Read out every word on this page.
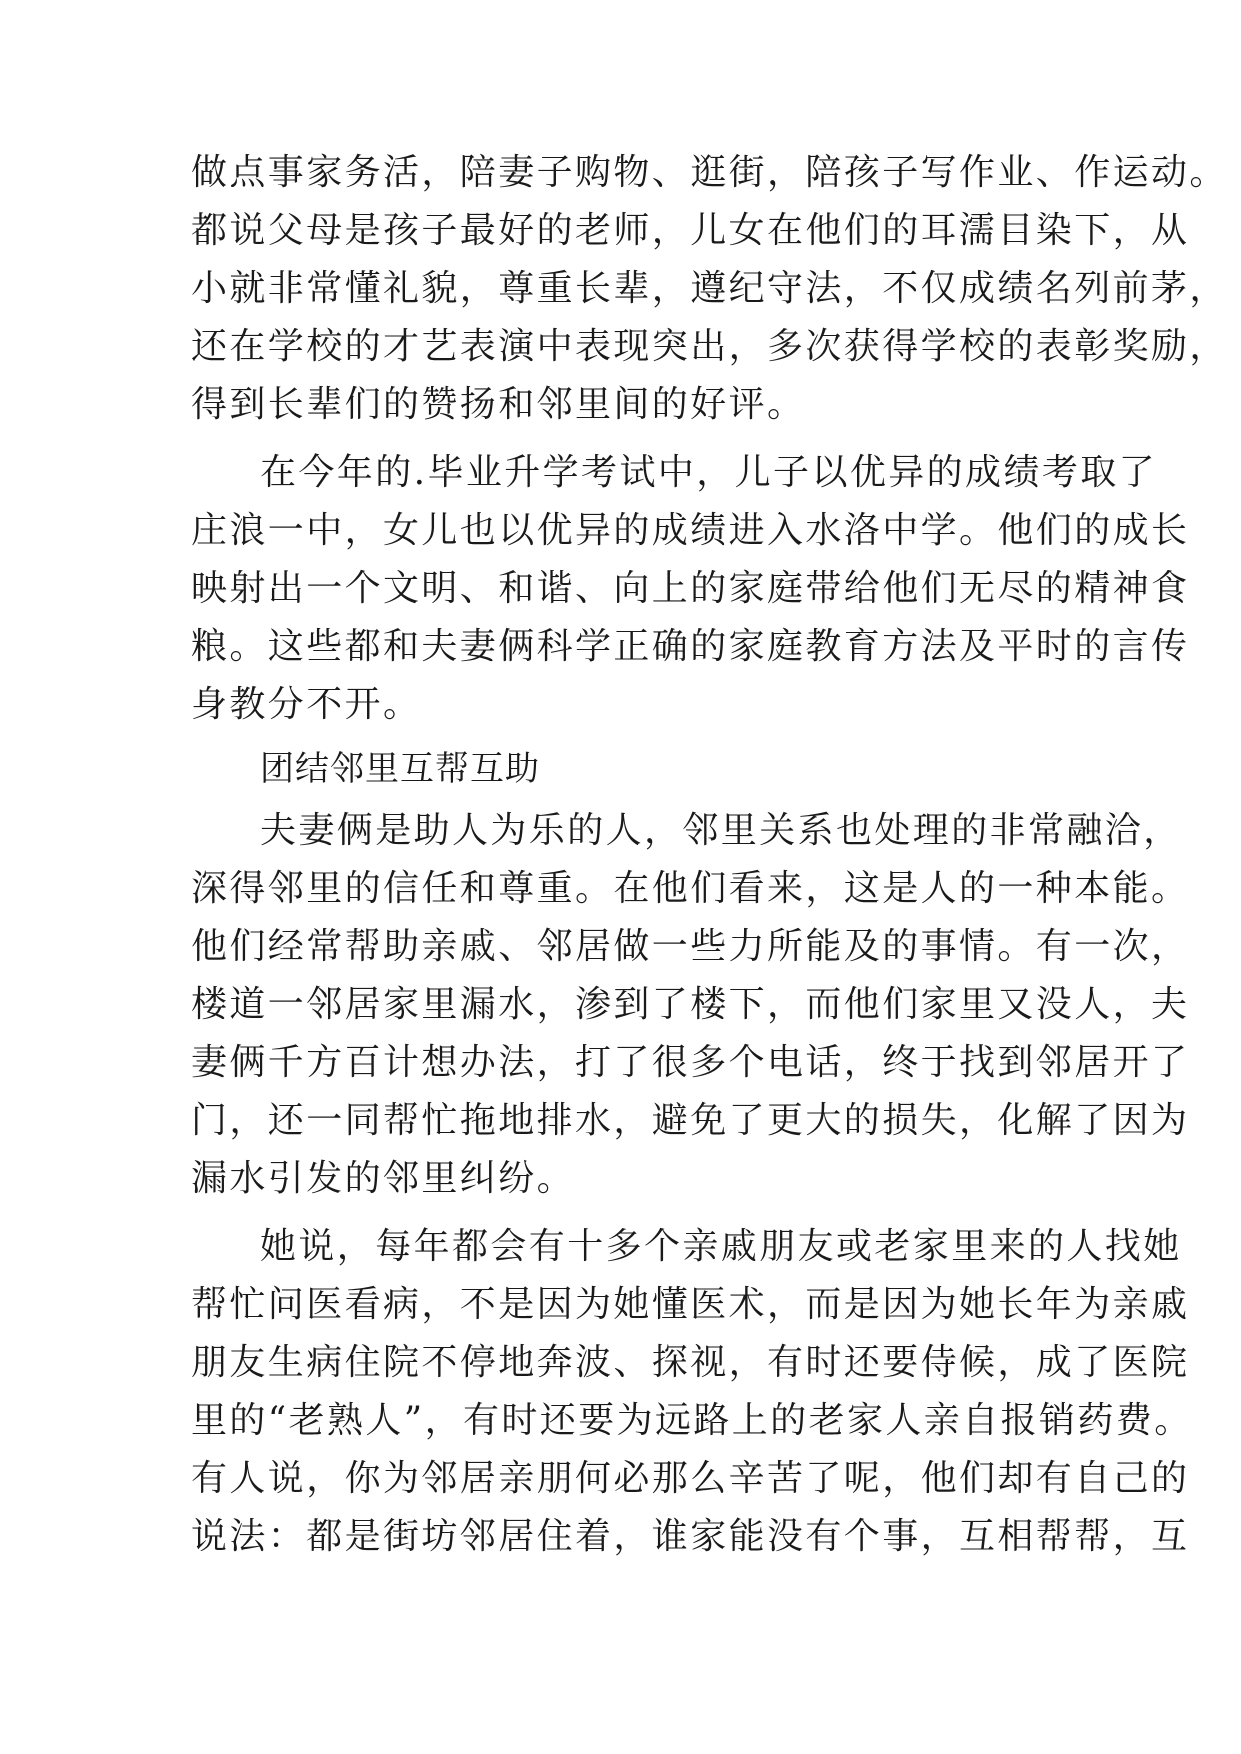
做点事家务活，陪妻子购物、逛街，陪孩子写作业、作运动。
都说父母是孩子最好的老师，儿女在他们的耳濡目染下，从
小就非常懂礼貌，尊重长辈，遵纪守法，不仅成绩名列前茅，
还在学校的才艺表演中表现突出，多次获得学校的表彰奖励，
得到长辈们的赞扬和邻里间的好评。
在今年的.毕业升学考试中，儿子以优异的成绩考取了
庄浪一中，女儿也以优异的成绩进入水洛中学。他们的成长
映射出一个文明、和谐、向上的家庭带给他们无尽的精神食
粮。这些都和夫妻俩科学正确的家庭教育方法及平时的言传
身教分不开。
团结邻里互帮互助
夫妻俩是助人为乐的人，邻里关系也处理的非常融洽，
深得邻里的信任和尊重。在他们看来，这是人的一种本能。
他们经常帮助亲戚、邻居做一些力所能及的事情。有一次，
楼道一邻居家里漏水，渗到了楼下，而他们家里又没人，夫
妻俩千方百计想办法，打了很多个电话，终于找到邻居开了
门，还一同帮忙拖地排水，避免了更大的损失，化解了因为
漏水引发的邻里纠纷。
她说，每年都会有十多个亲戚朋友或老家里来的人找她
帮忙问医看病，不是因为她懂医术，而是因为她长年为亲戚
朋友生病住院不停地奔波、探视，有时还要侍候，成了医院
里的“老熟人”，有时还要为远路上的老家人亲自报销药费。
有人说，你为邻居亲朋何必那么辛苦了呢，他们却有自己的
说法：都是街坊邻居住着，谁家能没有个事，互相帮帮，互
